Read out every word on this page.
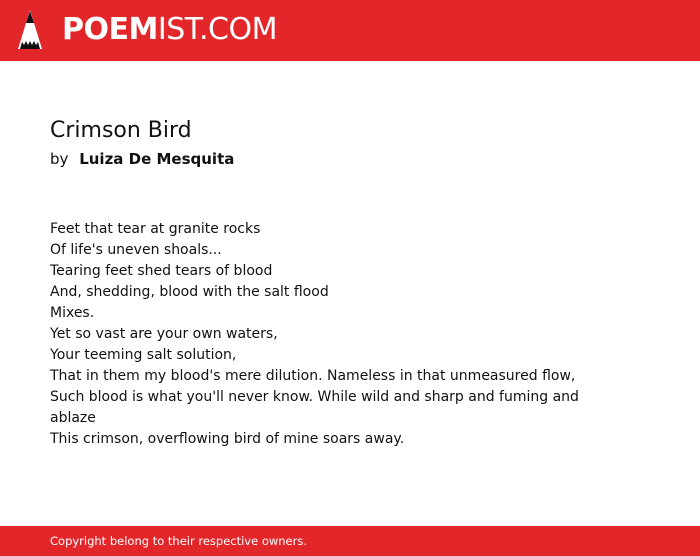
POEMIST.COM
Crimson Bird
by Luiza De Mesquita
Feet that tear at granite rocks
Of life's uneven shoals...
Tearing feet shed tears of blood
And, shedding, blood with the salt flood
Mixes.
Yet so vast are your own waters,
Your teeming salt solution,
That in them my blood's mere dilution. Nameless in that unmeasured flow,
Such blood is what you'll never know. While wild and sharp and fuming and ablaze
This crimson, overflowing bird of mine soars away.
Copyright belong to their respective owners.
